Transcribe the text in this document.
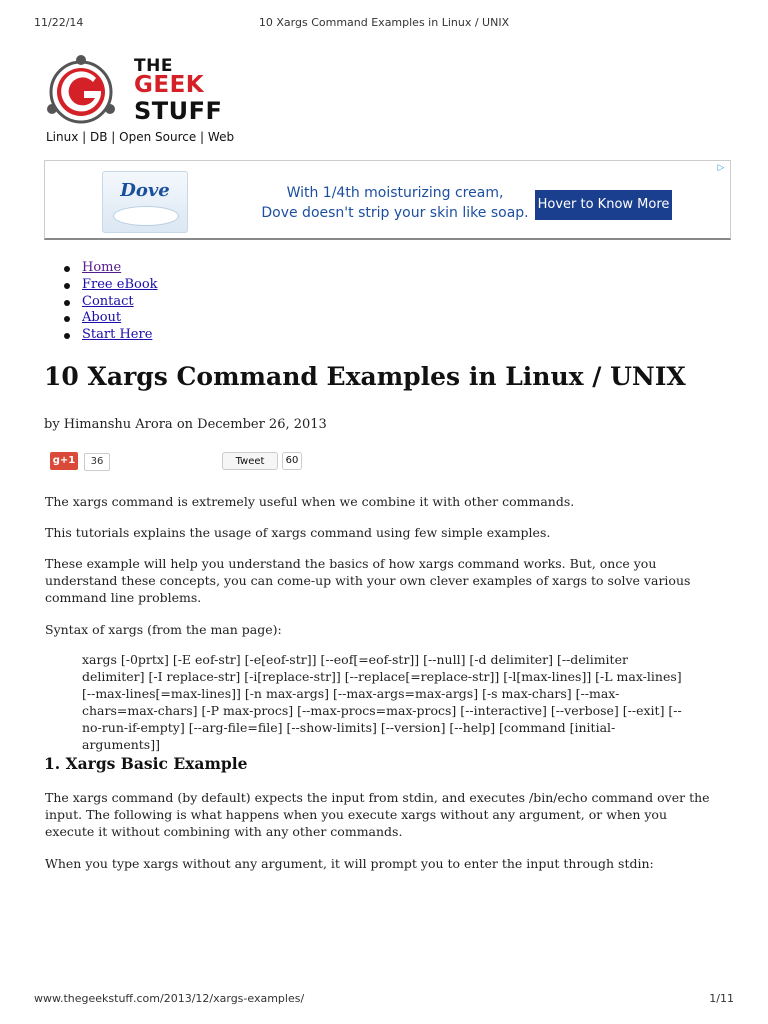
11/22/14	10 Xargs Command Examples in Linux / UNIX
THE
GEEK
STUFF
Linux | DB | Open Source | Web
Dove	With 1/4th moisturizing cream,
Dove doesn't strip your skin like soap.
Hover to Know More
▷
Home
Free eBook
Contact
About
Start Here
10 Xargs Command Examples in Linux / UNIX
by Himanshu Arora on December 26, 2013
g+1	36	Tweet	60

The xargs command is extremely useful when we combine it with other commands.

This tutorials explains the usage of xargs command using few simple examples.

These example will help you understand the basics of how xargs command works. But, once you understand these concepts, you can come-up with your own clever examples of xargs to solve various command line problems.

Syntax of xargs (from the man page):

xargs [-0prtx] [-E eof-str] [-e[eof-str]] [--eof[=eof-str]] [--null] [-d delimiter] [--delimiter delimiter] [-I replace-str] [-i[replace-str]] [--replace[=replace-str]] [-l[max-lines]] [-L max-lines] [--max-lines[=max-lines]] [-n max-args] [--max-args=max-args] [-s max-chars] [--max-chars=max-chars] [-P max-procs] [--max-procs=max-procs] [--interactive] [--verbose] [--exit] [--no-run-if-empty] [--arg-file=file] [--show-limits] [--version] [--help] [command [initial-arguments]]

1. Xargs Basic Example

The xargs command (by default) expects the input from stdin, and executes /bin/echo command over the input. The following is what happens when you execute xargs without any argument, or when you execute it without combining with any other commands.

When you type xargs without any argument, it will prompt you to enter the input through stdin:

www.thegeekstuff.com/2013/12/xargs-examples/	1/11
